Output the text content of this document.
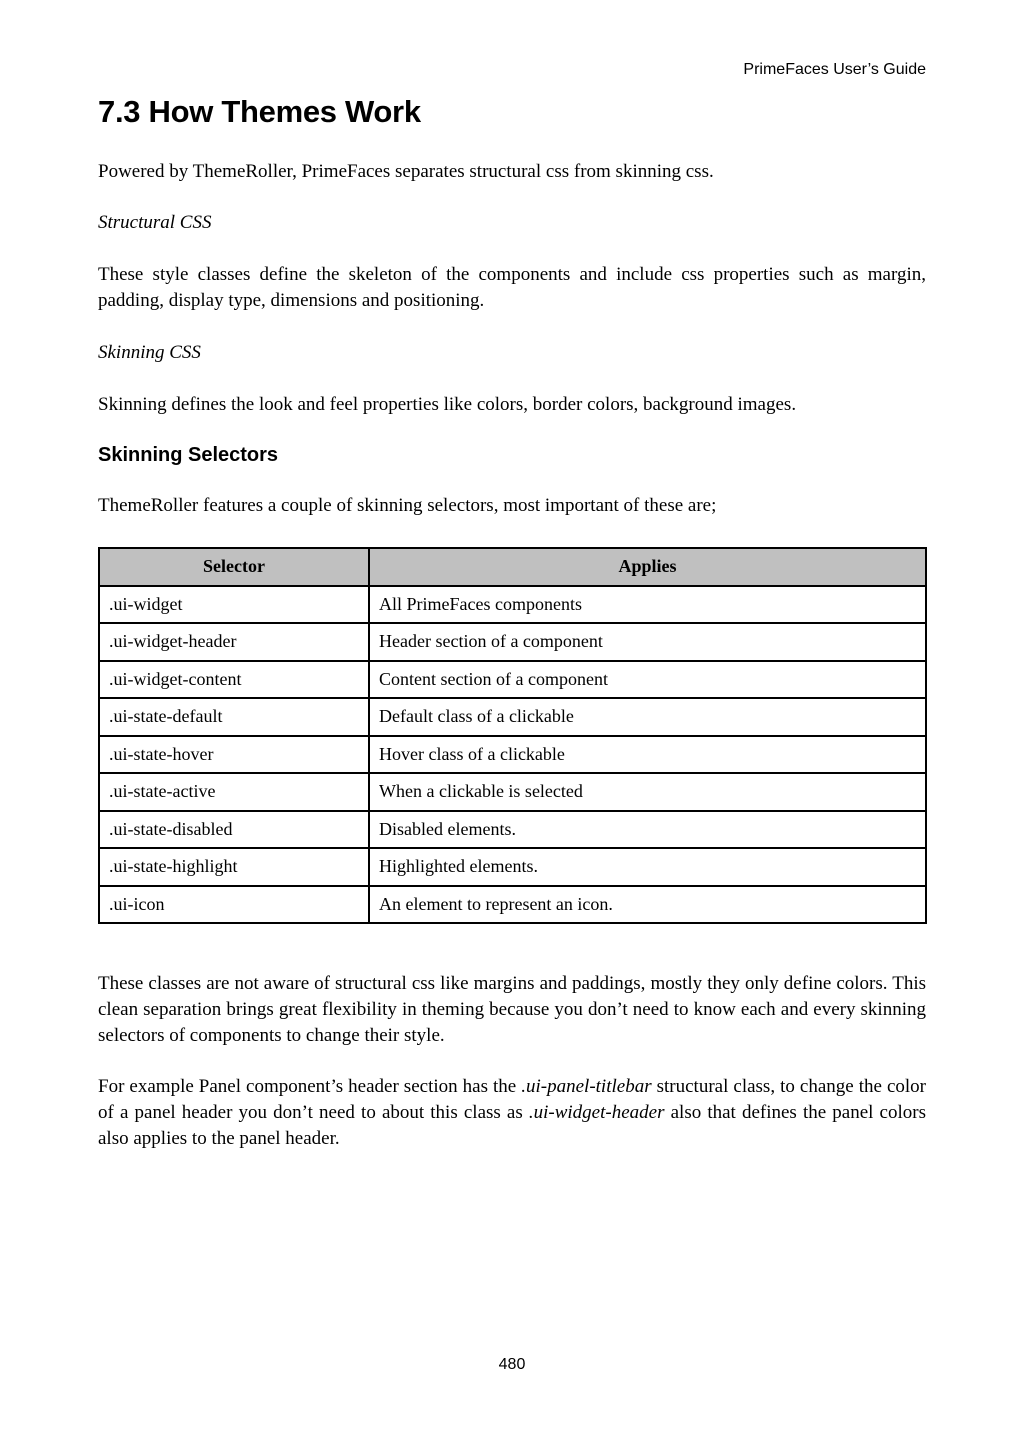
PrimeFaces User’s Guide
7.3 How Themes Work

Powered by ThemeRoller, PrimeFaces separates structural css from skinning css.

Structural CSS

These style classes define the skeleton of the components and include css properties such as margin, padding, display type, dimensions and positioning.

Skinning CSS

Skinning defines the look and feel properties like colors, border colors, background images.

Skinning Selectors

ThemeRoller features a couple of skinning selectors, most important of these are;

Selector	Applies
.ui-widget	All PrimeFaces components
.ui-widget-header	Header section of a component
.ui-widget-content	Content section of a component
.ui-state-default	Default class of a clickable
.ui-state-hover	Hover class of a clickable
.ui-state-active	When a clickable is selected
.ui-state-disabled	Disabled elements.
.ui-state-highlight	Highlighted elements.
.ui-icon	An element to represent an icon.

These classes are not aware of structural css like margins and paddings, mostly they only define colors. This clean separation brings great flexibility in theming because you don’t need to know each and every skinning selectors of components to change their style.

For example Panel component’s header section has the .ui-panel-titlebar structural class, to change the color of a panel header you don’t need to about this class as .ui-widget-header also that defines the panel colors also applies to the panel header.

480
